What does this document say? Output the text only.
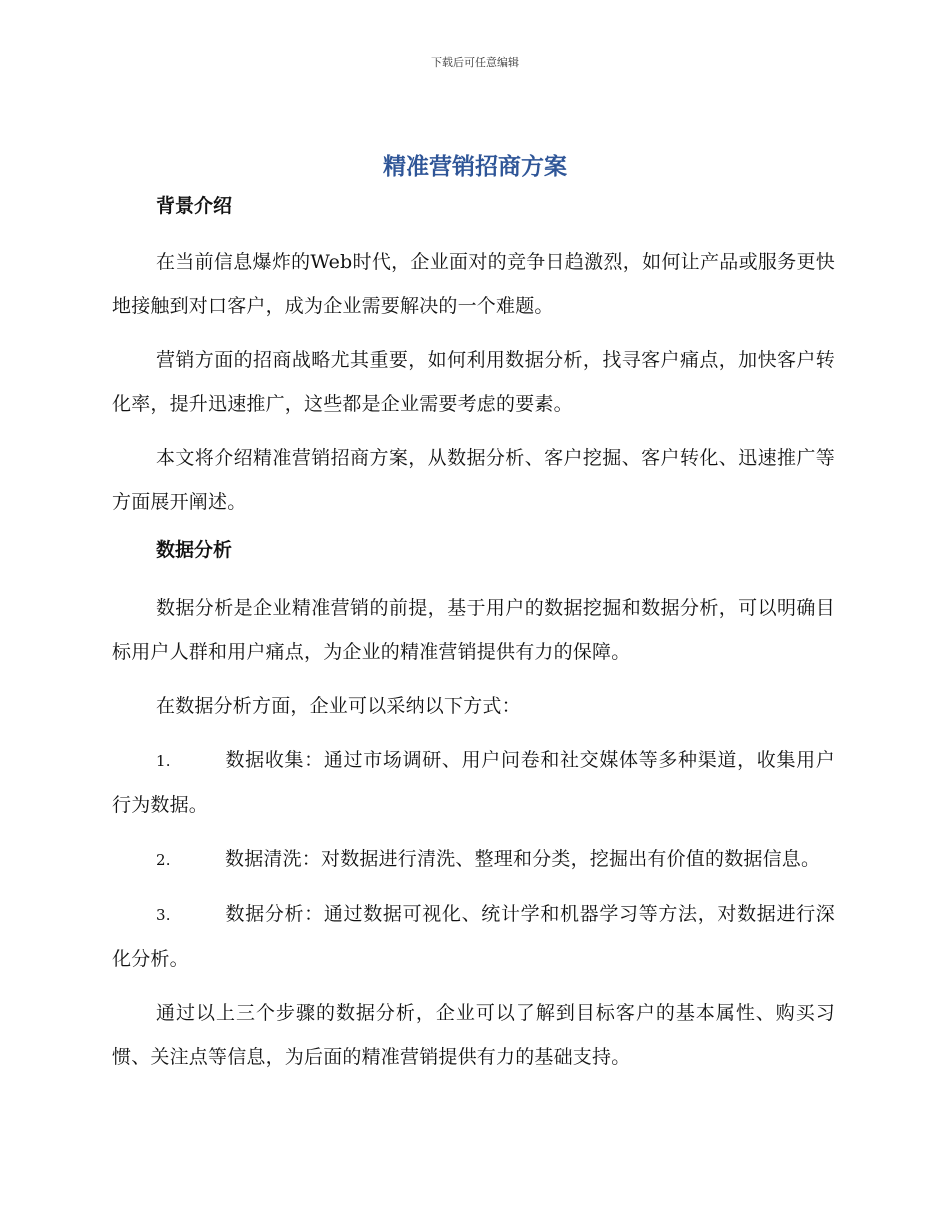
下载后可任意编辑
精准营销招商方案
背景介绍

在当前信息爆炸的Web时代，企业面对的竞争日趋激烈，如何让产品或服务更快地接触到对口客户，成为企业需要解决的一个难题。

营销方面的招商战略尤其重要，如何利用数据分析，找寻客户痛点，加快客户转化率，提升迅速推广，这些都是企业需要考虑的要素。

本文将介绍精准营销招商方案，从数据分析、客户挖掘、客户转化、迅速推广等方面展开阐述。

数据分析

数据分析是企业精准营销的前提，基于用户的数据挖掘和数据分析，可以明确目标用户人群和用户痛点，为企业的精准营销提供有力的保障。

在数据分析方面，企业可以采纳以下方式：

1.	数据收集：通过市场调研、用户问卷和社交媒体等多种渠道，收集用户行为数据。

2.	数据清洗：对数据进行清洗、整理和分类，挖掘出有价值的数据信息。

3.	数据分析：通过数据可视化、统计学和机器学习等方法，对数据进行深化分析。

通过以上三个步骤的数据分析，企业可以了解到目标客户的基本属性、购买习惯、关注点等信息，为后面的精准营销提供有力的基础支持。
